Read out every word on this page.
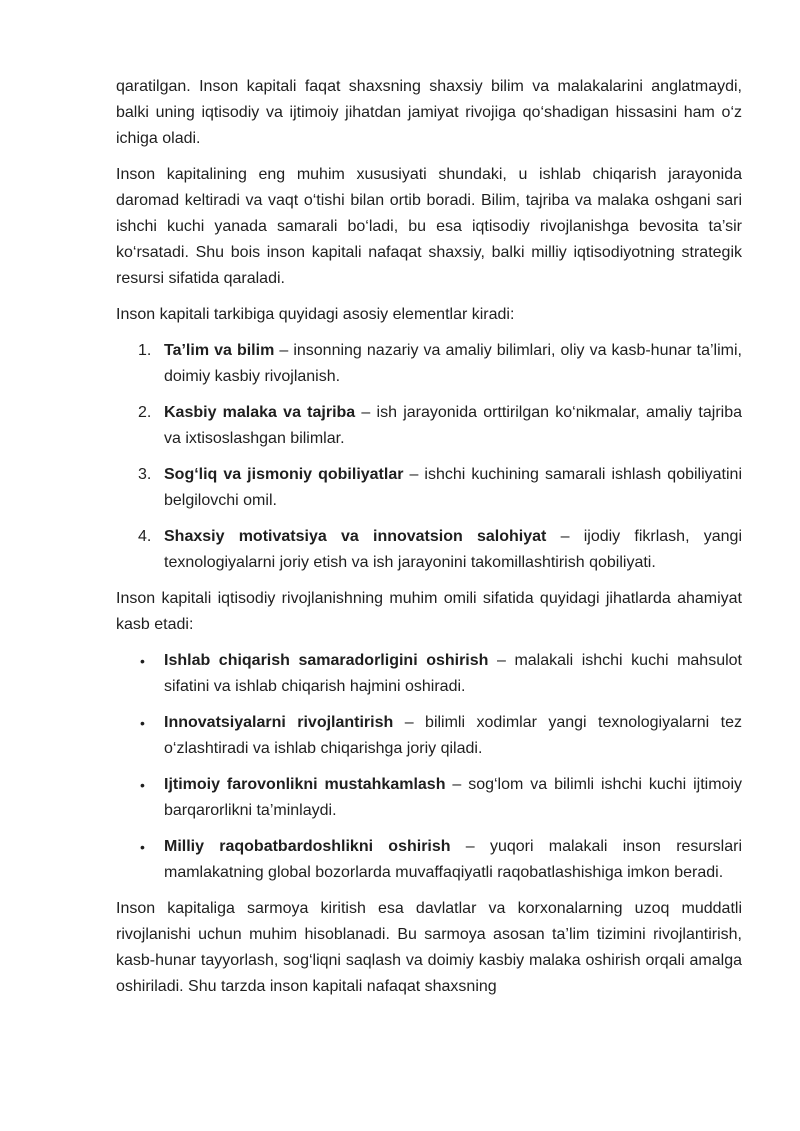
qaratilgan. Inson kapitali faqat shaxsning shaxsiy bilim va malakalarini anglatmaydi, balki uning iqtisodiy va ijtimoiy jihatdan jamiyat rivojiga qo‘shadigan hissasini ham o‘z ichiga oladi.

Inson kapitalining eng muhim xususiyati shundaki, u ishlab chiqarish jarayonida daromad keltiradi va vaqt o‘tishi bilan ortib boradi. Bilim, tajriba va malaka oshgani sari ishchi kuchi yanada samarali bo‘ladi, bu esa iqtisodiy rivojlanishga bevosita ta’sir ko‘rsatadi. Shu bois inson kapitali nafaqat shaxsiy, balki milliy iqtisodiyotning strategik resursi sifatida qaraladi.

Inson kapitali tarkibiga quyidagi asosiy elementlar kiradi:

1. Ta’lim va bilim – insonning nazariy va amaliy bilimlari, oliy va kasb-hunar ta’limi, doimiy kasbiy rivojlanish.
2. Kasbiy malaka va tajriba – ish jarayonida orttirilgan ko‘nikmalar, amaliy tajriba va ixtisoslashgan bilimlar.
3. Sog‘liq va jismoniy qobiliyatlar – ishchi kuchining samarali ishlash qobiliyatini belgilovchi omil.
4. Shaxsiy motivatsiya va innovatsion salohiyat – ijodiy fikrlash, yangi texnologiyalarni joriy etish va ish jarayonini takomillashtirish qobiliyati.

Inson kapitali iqtisodiy rivojlanishning muhim omili sifatida quyidagi jihatlarda ahamiyat kasb etadi:

•	Ishlab chiqarish samaradorligini oshirish – malakali ishchi kuchi mahsulot sifatini va ishlab chiqarish hajmini oshiradi.
•	Innovatsiyalarni rivojlantirish – bilimli xodimlar yangi texnologiyalarni tez o‘zlashtiradi va ishlab chiqarishga joriy qiladi.
•	Ijtimoiy farovonlikni mustahkamlash – sog‘lom va bilimli ishchi kuchi ijtimoiy barqarorlikni ta’minlaydi.
•	Milliy raqobatbardoshlikni oshirish – yuqori malakali inson resurslari mamlakatning global bozorlarda muvaffaqiyatli raqobatlashishiga imkon beradi.

Inson kapitaliga sarmoya kiritish esa davlatlar va korxonalarning uzoq muddatli rivojlanishi uchun muhim hisoblanadi. Bu sarmoya asosan ta’lim tizimini rivojlantirish, kasb-hunar tayyorlash, sog‘liqni saqlash va doimiy kasbiy malaka oshirish orqali amalga oshiriladi. Shu tarzda inson kapitali nafaqat shaxsning
